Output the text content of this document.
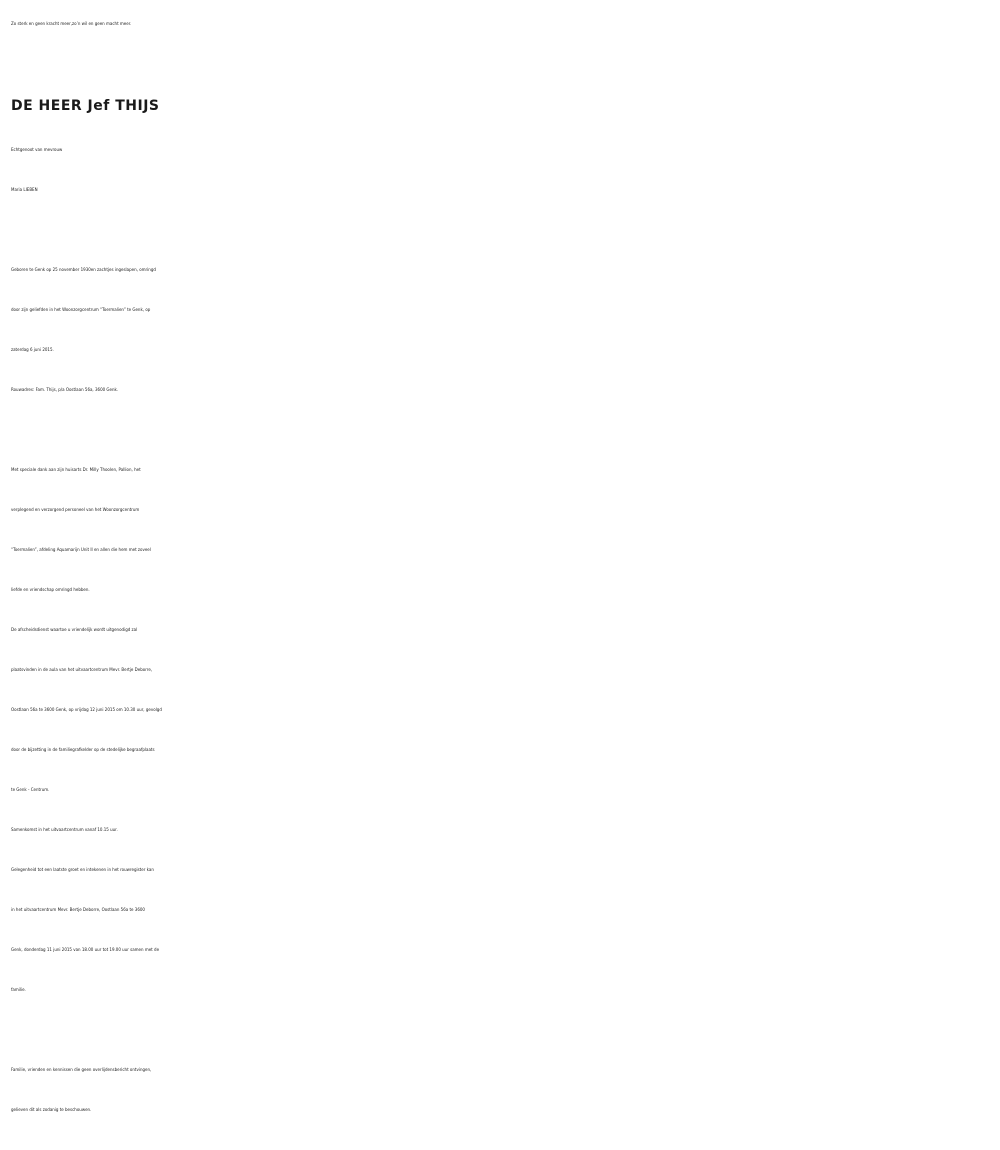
Zo sterk en geen kracht meer,zo’n wil en geen macht meer.
DE HEER Jef THIJS
Echtgenoot van mevrouw
Maria LIEBEN
Geboren te Genk op 25 november 1930en zachtjes ingeslapen, omringd
door zijn geliefden in het Woonzorgcentrum “Toermalien” te Genk, op
zaterdag 6 juni 2015.
Rouwadres: Fam. Thijs, p/a Oostlaan 56a, 3600 Genk.
Met speciale dank aan zijn huisarts Dr. Milly Thoolen, Pallion, het
verplegend en verzorgend personeel van het Woonzorgcentrum
“Toermalien”, afdeling Aquamarijn Unit II en allen die hem met zoveel
liefde en vriendschap omringd hebben.
De afscheidsdienst waartoe u vriendelijk wordt uitgenodigd zal
plaatsvinden in de aula van het uitvaartcentrum Mevr. Bertje Deborre,
Oostlaan 56a te 3600 Genk, op vrijdag 12 juni 2015 om 10.30 uur, gevolgd
door de bijzetting in de familiegrafkelder op de stedelijke begraafplaats
te Genk - Centrum.
Samenkomst in het uitvaartcentrum vanaf 10.15 uur.
Gelegenheid tot een laatste groet en intekenen in het rouwregister kan
in het uitvaartcentrum Mevr. Bertje Deborre, Oostlaan 56a te 3600
Genk, donderdag 11 juni 2015 van 18.00 uur tot 19.00 uur samen met de
familie.
Familie, vrienden en kennissen die geen overlijdensbericht ontvingen,
gelieven dit als zodanig te beschouwen.
